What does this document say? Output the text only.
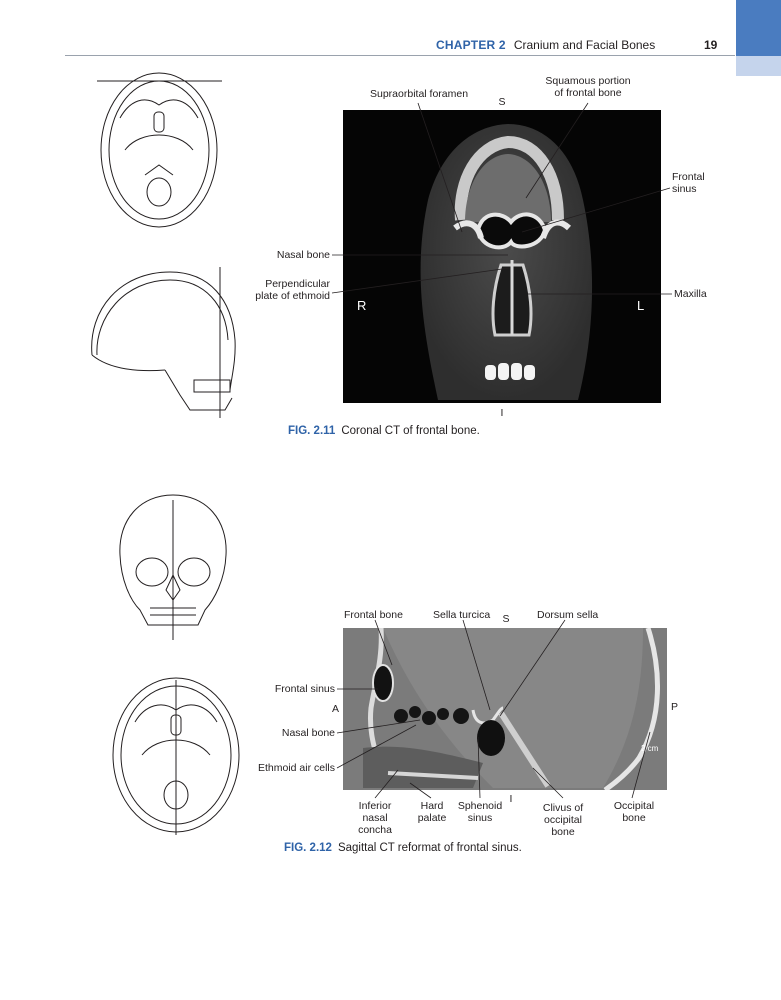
CHAPTER 2 Cranium and Facial Bones	19
R	L
2 cm
S
I
Supraorbital foramen
Squamous portion
of frontal bone
Frontal
sinus
Nasal bone
Perpendicular
plate of ethmoid	Maxilla
FIG. 2.11 Coronal CT of frontal bone.
Frontal bone	Sella turcica S	Dorsum sella
Frontal sinus
A	P
Nasal bone
Ethmoid air cells
I
Inferior
nasal
concha
Hard
palate
Sphenoid
sinus
Clivus of
occipital
bone
Occipital
bone
FIG. 2.12 Sagittal CT reformat of frontal sinus.
